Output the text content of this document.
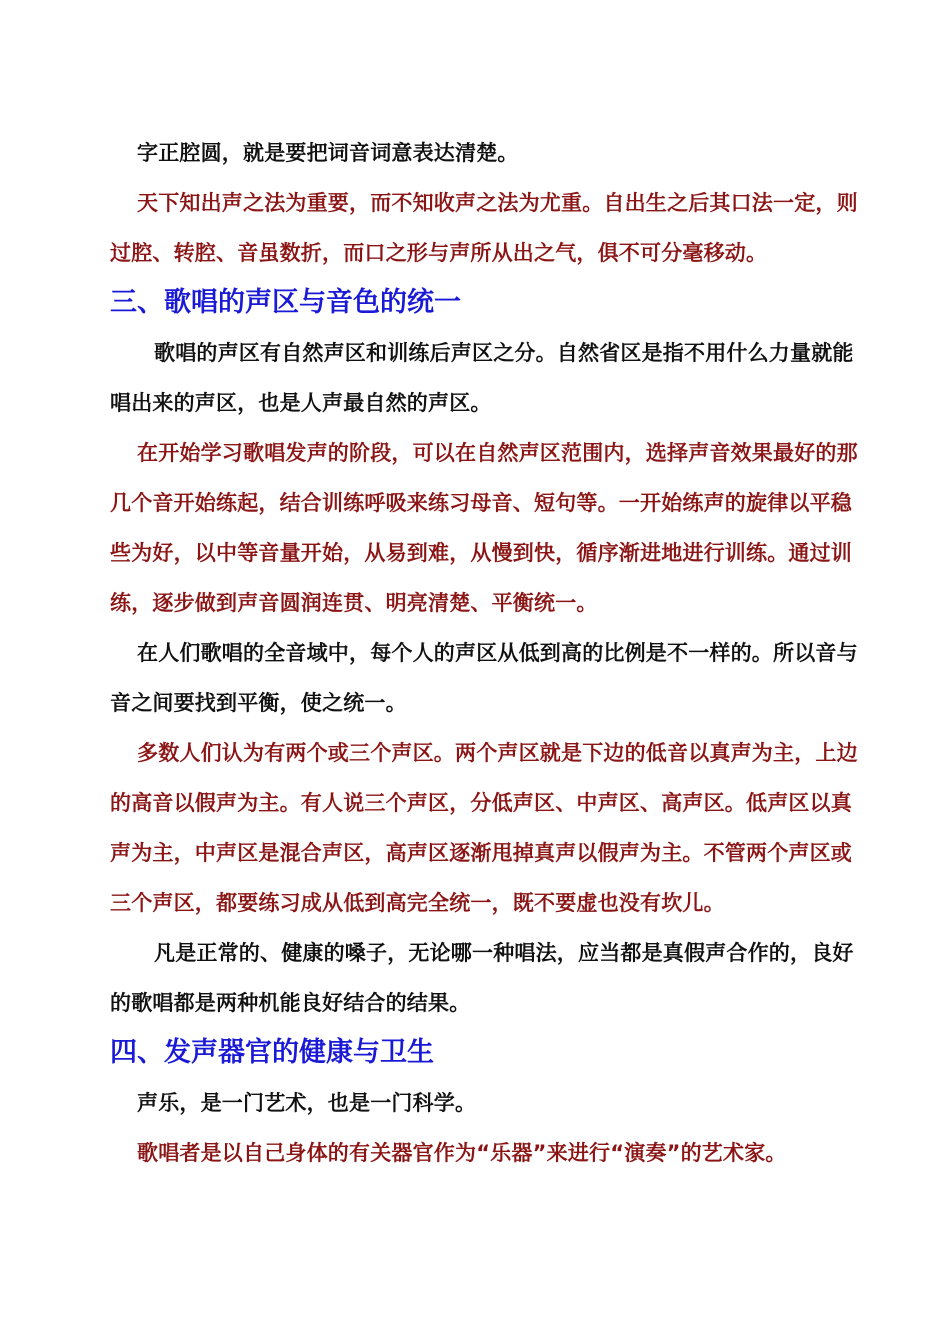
字正腔圆，就是要把词音词意表达清楚。

天下知出声之法为重要，而不知收声之法为尤重。自出生之后其口法一定，则过腔、转腔、音虽数折，而口之形与声所从出之气，俱不可分毫移动。

三、歌唱的声区与音色的统一

歌唱的声区有自然声区和训练后声区之分。自然省区是指不用什么力量就能唱出来的声区，也是人声最自然的声区。

在开始学习歌唱发声的阶段，可以在自然声区范围内，选择声音效果最好的那几个音开始练起，结合训练呼吸来练习母音、短句等。一开始练声的旋律以平稳些为好，以中等音量开始，从易到难，从慢到快，循序渐进地进行训练。通过训练，逐步做到声音圆润连贯、明亮清楚、平衡统一。

在人们歌唱的全音域中，每个人的声区从低到高的比例是不一样的。所以音与音之间要找到平衡，使之统一。

多数人们认为有两个或三个声区。两个声区就是下边的低音以真声为主，上边的高音以假声为主。有人说三个声区，分低声区、中声区、高声区。低声区以真声为主，中声区是混合声区，高声区逐渐甩掉真声以假声为主。不管两个声区或三个声区，都要练习成从低到高完全统一，既不要虚也没有坎儿。

凡是正常的、健康的嗓子，无论哪一种唱法，应当都是真假声合作的，良好的歌唱都是两种机能良好结合的结果。

四、发声器官的健康与卫生

声乐，是一门艺术，也是一门科学。

歌唱者是以自己身体的有关器官作为“乐器”来进行“演奏”的艺术家。
